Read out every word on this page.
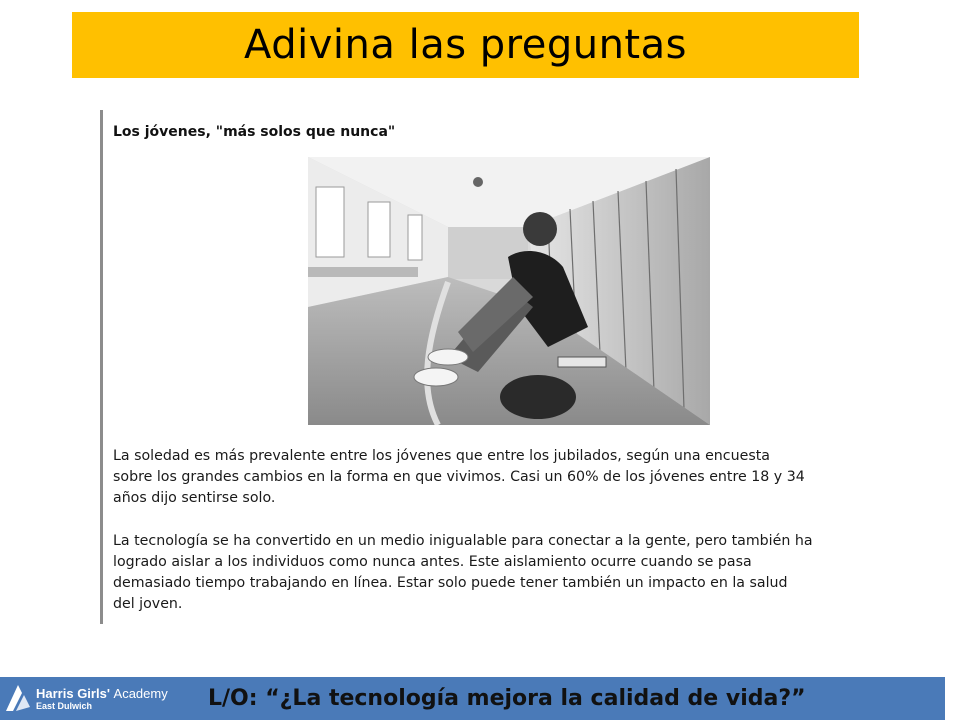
Adivina las preguntas
Los jóvenes, "más solos que nunca"

La soledad es más prevalente entre los jóvenes que entre los jubilados, según una encuesta sobre los grandes cambios en la forma en que vivimos. Casi un 60% de los jóvenes entre 18 y 34 años dijo sentirse solo.

La tecnología se ha convertido en un medio inigualable para conectar a la gente, pero también ha logrado aislar a los individuos como nunca antes. Este aislamiento ocurre cuando se pasa demasiado tiempo trabajando en línea. Estar solo puede tener también un impacto en la salud del joven.

Harris Girls' Academy
East Dulwich	L/O: “¿La tecnología mejora la calidad de vida?”
